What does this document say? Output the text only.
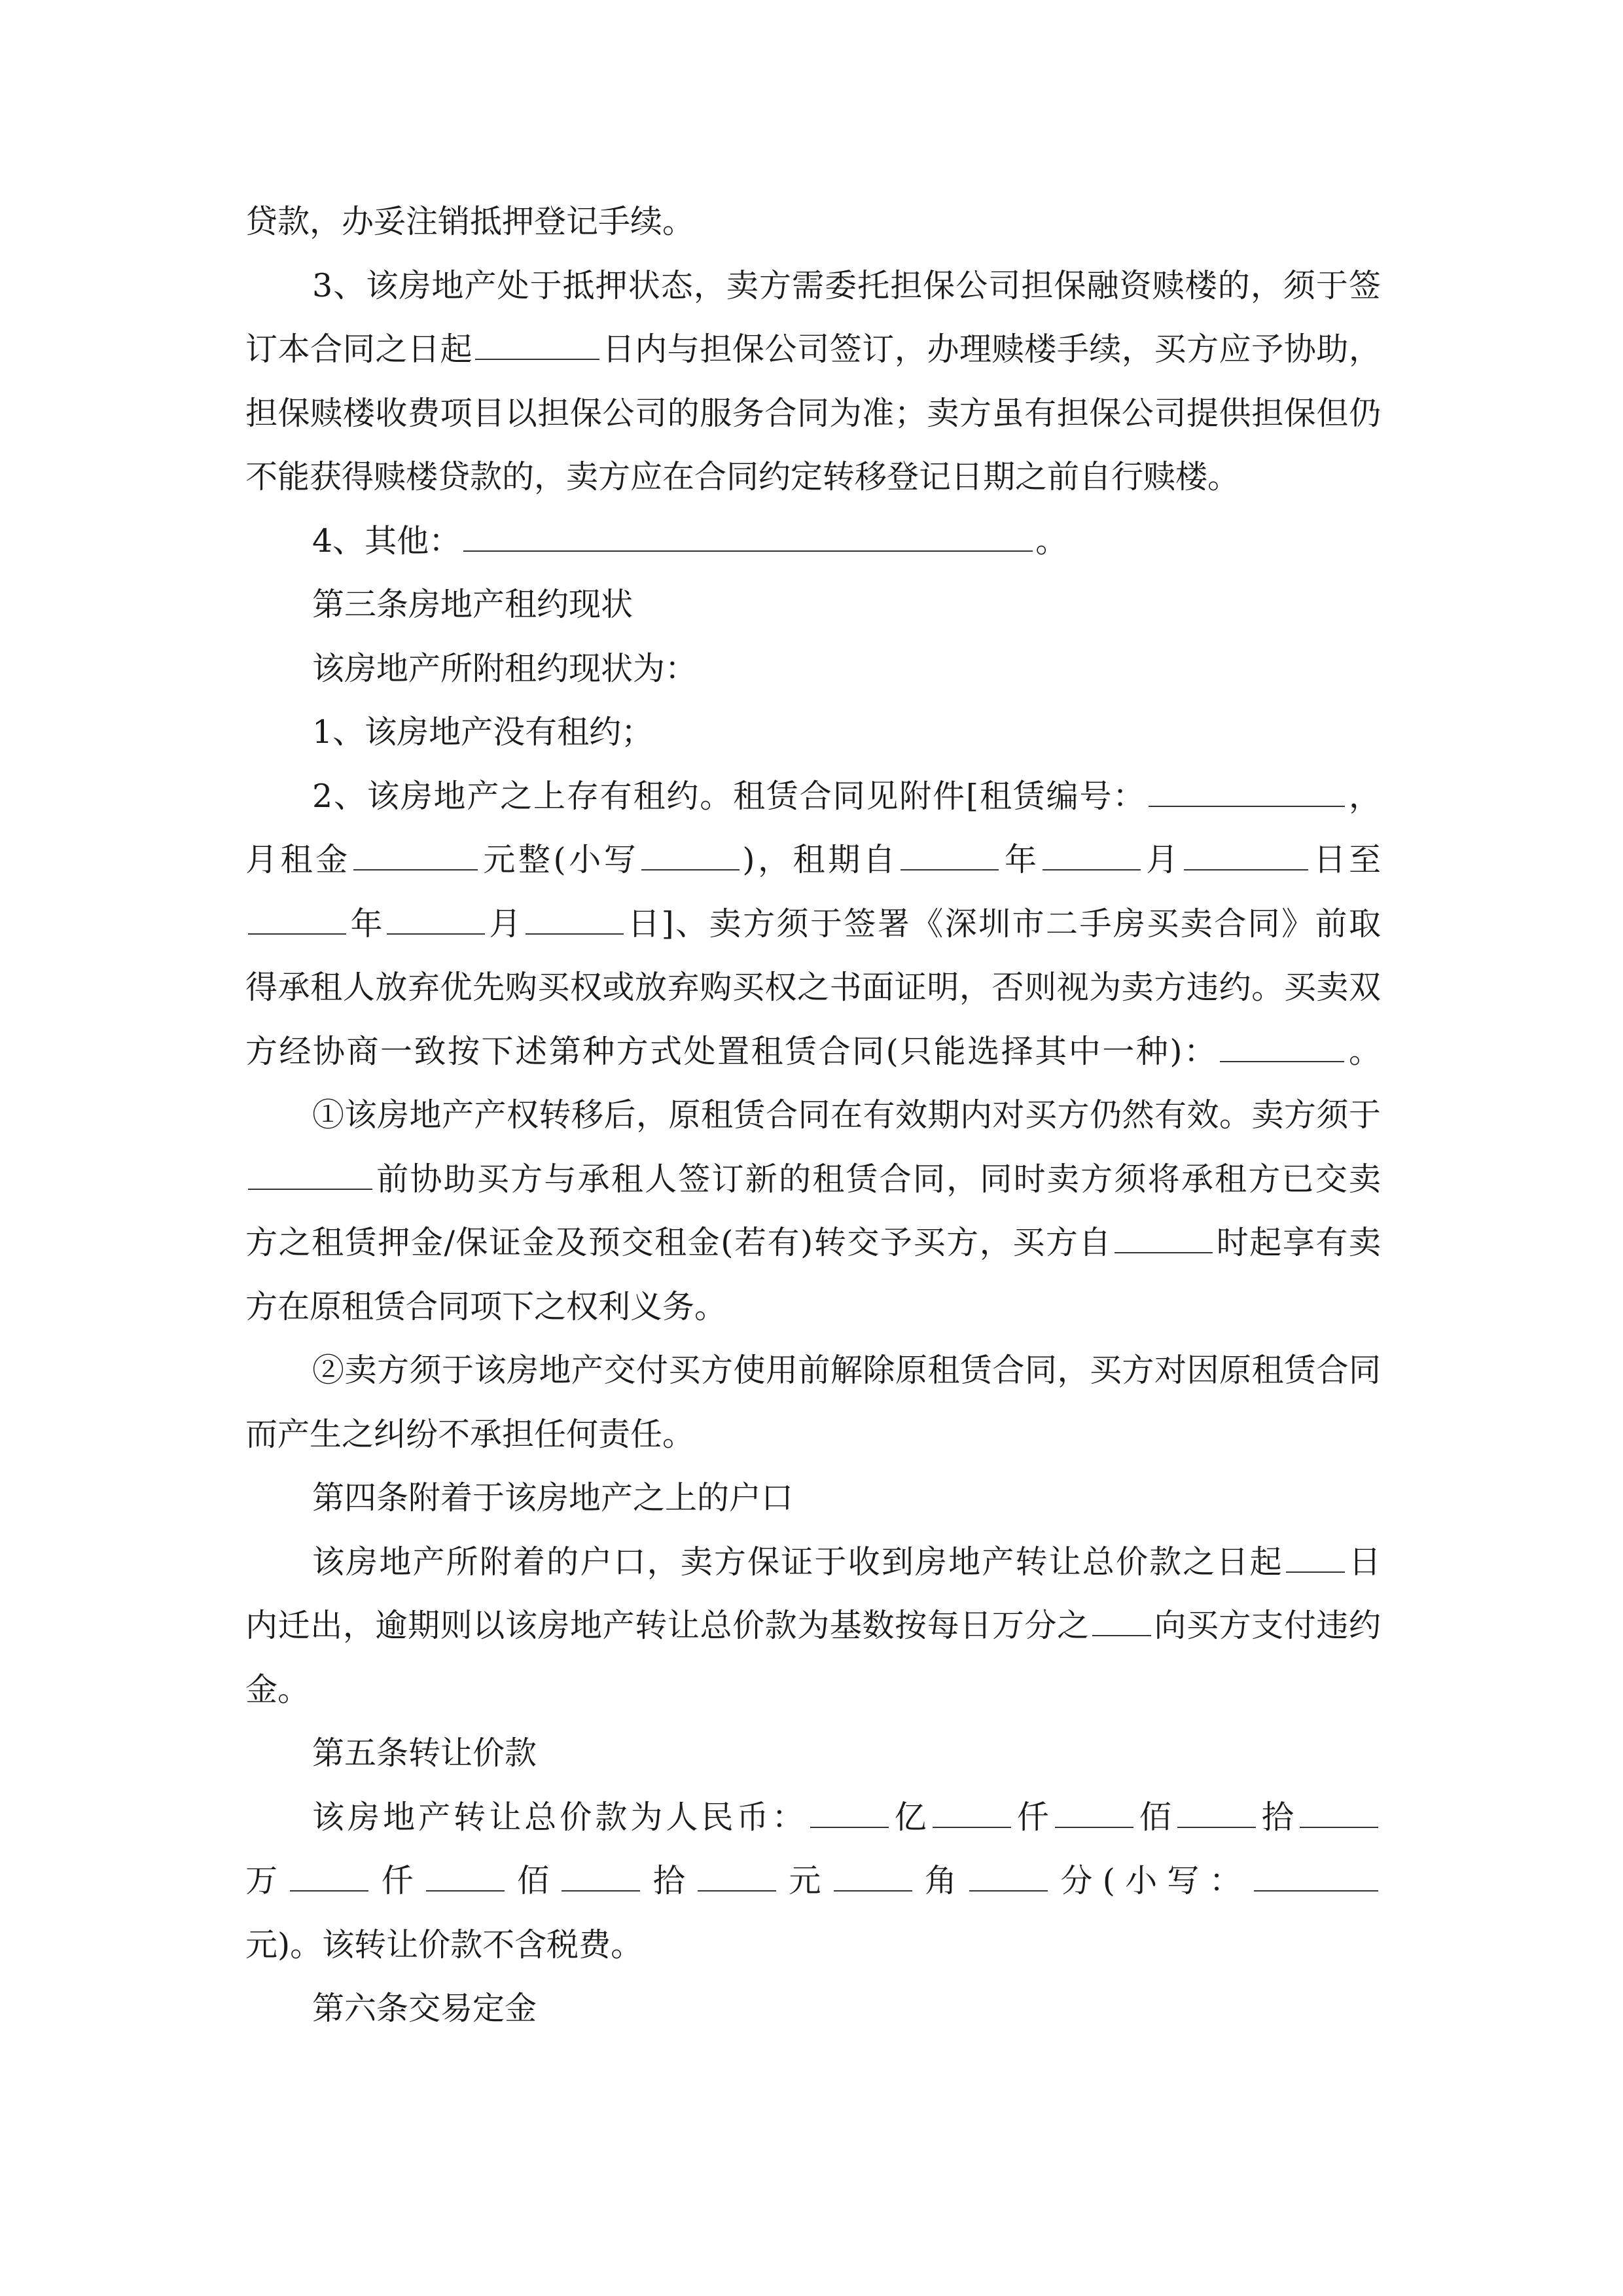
贷款，办妥注销抵押登记手续。
3、该房地产处于抵押状态，卖方需委托担保公司担保融资赎楼的，须于签
订本合同之日起	日内与担保公司签订，办理赎楼手续，买方应予协助，
担保赎楼收费项目以担保公司的服务合同为准；卖方虽有担保公司提供担保但仍
不能获得赎楼贷款的，卖方应在合同约定转移登记日期之前自行赎楼。
4、其他：	。
第三条房地产租约现状
该房地产所附租约现状为：
1、该房地产没有租约；
2、该房地产之上存有租约。租赁合同见附件[租赁编号：	，
月租金	元整(小写	)，租期自	年	月	日至
年	月	日]、卖方须于签署《深圳市二手房买卖合同》前取
得承租人放弃优先购买权或放弃购买权之书面证明，否则视为卖方违约。买卖双
方经协商一致按下述第种方式处置租赁合同(只能选择其中一种)：	。
①该房地产产权转移后，原租赁合同在有效期内对买方仍然有效。卖方须于
前协助买方与承租人签订新的租赁合同，同时卖方须将承租方已交卖
方之租赁押金/保证金及预交租金(若有)转交予买方，买方自	时起享有卖
方在原租赁合同项下之权利义务。
②卖方须于该房地产交付买方使用前解除原租赁合同，买方对因原租赁合同
而产生之纠纷不承担任何责任。
第四条附着于该房地产之上的户口
该房地产所附着的户口，卖方保证于收到房地产转让总价款之日起 日
内迁出，逾期则以该房地产转让总价款为基数按每日万分之 向买方支付违约
金。
第五条转让价款
该房地产转让总价款为人民币：	亿	仟	佰	拾
万	仟	佰	拾	元	角	分(小写：
元)。该转让价款不含税费。
第六条交易定金
